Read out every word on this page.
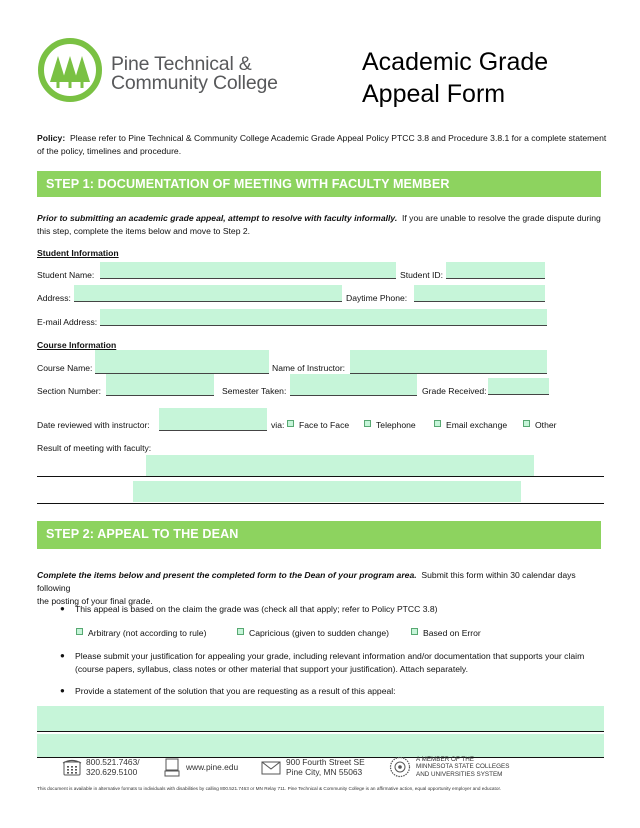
Pine Technical &
Community College
Academic Grade
Appeal Form
Policy: Please refer to Pine Technical & Community College Academic Grade Appeal Policy PTCC 3.8 and Procedure 3.8.1 for a complete statement
of the policy, timelines and procedure.
STEP 1: DOCUMENTATION OF MEETING WITH FACULTY MEMBER
Prior to submitting an academic grade appeal, attempt to resolve with faculty informally. If you are unable to resolve the grade dispute during
this step, complete the items below and move to Step 2.
Student Information
Student Name:	Student ID:
Address:	Daytime Phone:
E-mail Address:
Course Information
Course Name:	Name of Instructor:
Section Number:	Semester Taken:	Grade Received:
Date reviewed with instructor:	via: Face to Face	Telephone	Email exchange	Other
Result of meeting with faculty:
STEP 2: APPEAL TO THE DEAN
Complete the items below and present the completed form to the Dean of your program area. Submit this form within 30 calendar days following
the posting of your final grade.
● This appeal is based on the claim the grade was (check all that apply; refer to Policy PTCC 3.8)
Arbitrary (not according to rule)	Capricious (given to sudden change)	Based on Error
● Please submit your justification for appealing your grade, including relevant information and/or documentation that supports your claim
(course papers, syllabus, class notes or other material that support your justification). Attach separately.
● Provide a statement of the solution that you are requesting as a result of this appeal:
800.521.7463/
320.629.5100	www.pine.edu	900 Fourth Street SE
Pine City, MN 55063
A MEMBER OF THE
MINNESOTA STATE COLLEGES
AND UNIVERSITIES SYSTEM
This document is available in alternative formats to individuals with disabilities by calling 800.521.7463 or MN Relay 711. Pine Technical & Community College is an affirmative action, equal opportunity employer and educator.
